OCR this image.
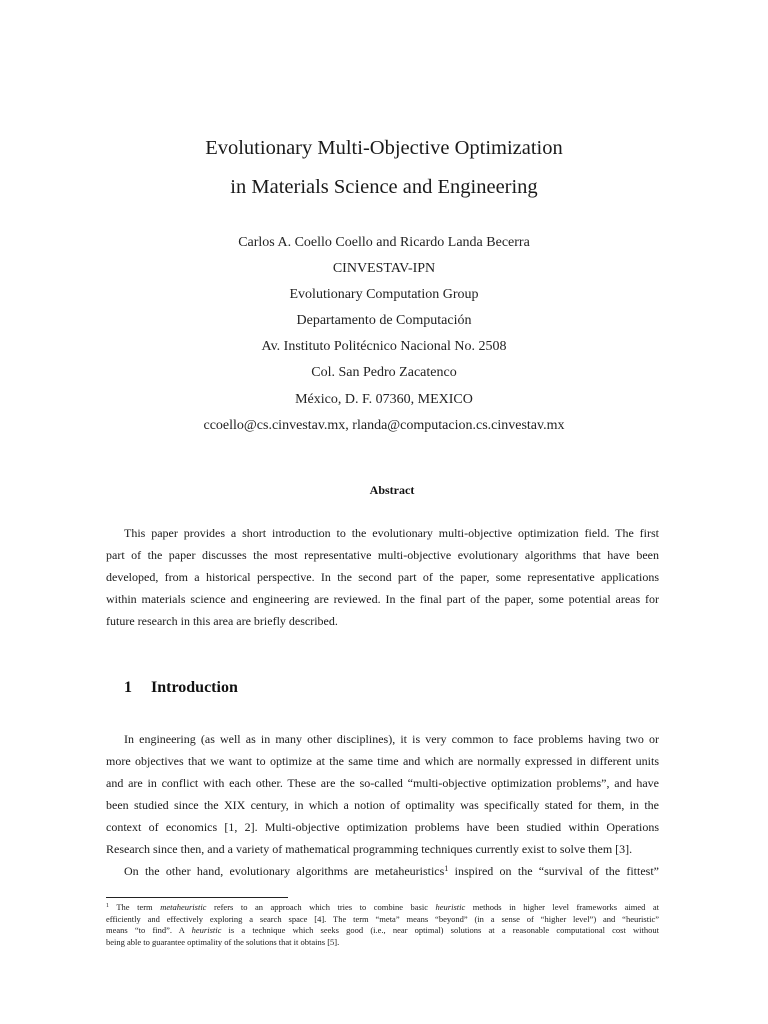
Evolutionary Multi-Objective Optimization
in Materials Science and Engineering
Carlos A. Coello Coello and Ricardo Landa Becerra
CINVESTAV-IPN
Evolutionary Computation Group
Departamento de Computación
Av. Instituto Politécnico Nacional No. 2508
Col. San Pedro Zacatenco
México, D. F. 07360, MEXICO
ccoello@cs.cinvestav.mx, rlanda@computacion.cs.cinvestav.mx
Abstract
This paper provides a short introduction to the evolutionary multi-objective optimization field. The first
part of the paper discusses the most representative multi-objective evolutionary algorithms that have been
developed, from a historical perspective. In the second part of the paper, some representative applications
within materials science and engineering are reviewed. In the final part of the paper, some potential areas for
future research in this area are briefly described.
1 Introduction
In engineering (as well as in many other disciplines), it is very common to face problems having two or
more objectives that we want to optimize at the same time and which are normally expressed in different units
and are in conflict with each other. These are the so-called “multi-objective optimization problems”, and have
been studied since the XIX century, in which a notion of optimality was specifically stated for them, in the
context of economics [1, 2]. Multi-objective optimization problems have been studied within Operations
Research since then, and a variety of mathematical programming techniques currently exist to solve them [3].
On the other hand, evolutionary algorithms are metaheuristics$^1$ inspired on the “survival of the fittest”
$^1$ The term metaheuristic refers to an approach which tries to combine basic heuristic methods in higher level frameworks aimed at
efficiently and effectively exploring a search space [4]. The term “meta” means “beyond” (in a sense of “higher level”) and “heuristic”
means “to find”. A heuristic is a technique which seeks good (i.e., near optimal) solutions at a reasonable computational cost without
being able to guarantee optimality of the solutions that it obtains [5].
